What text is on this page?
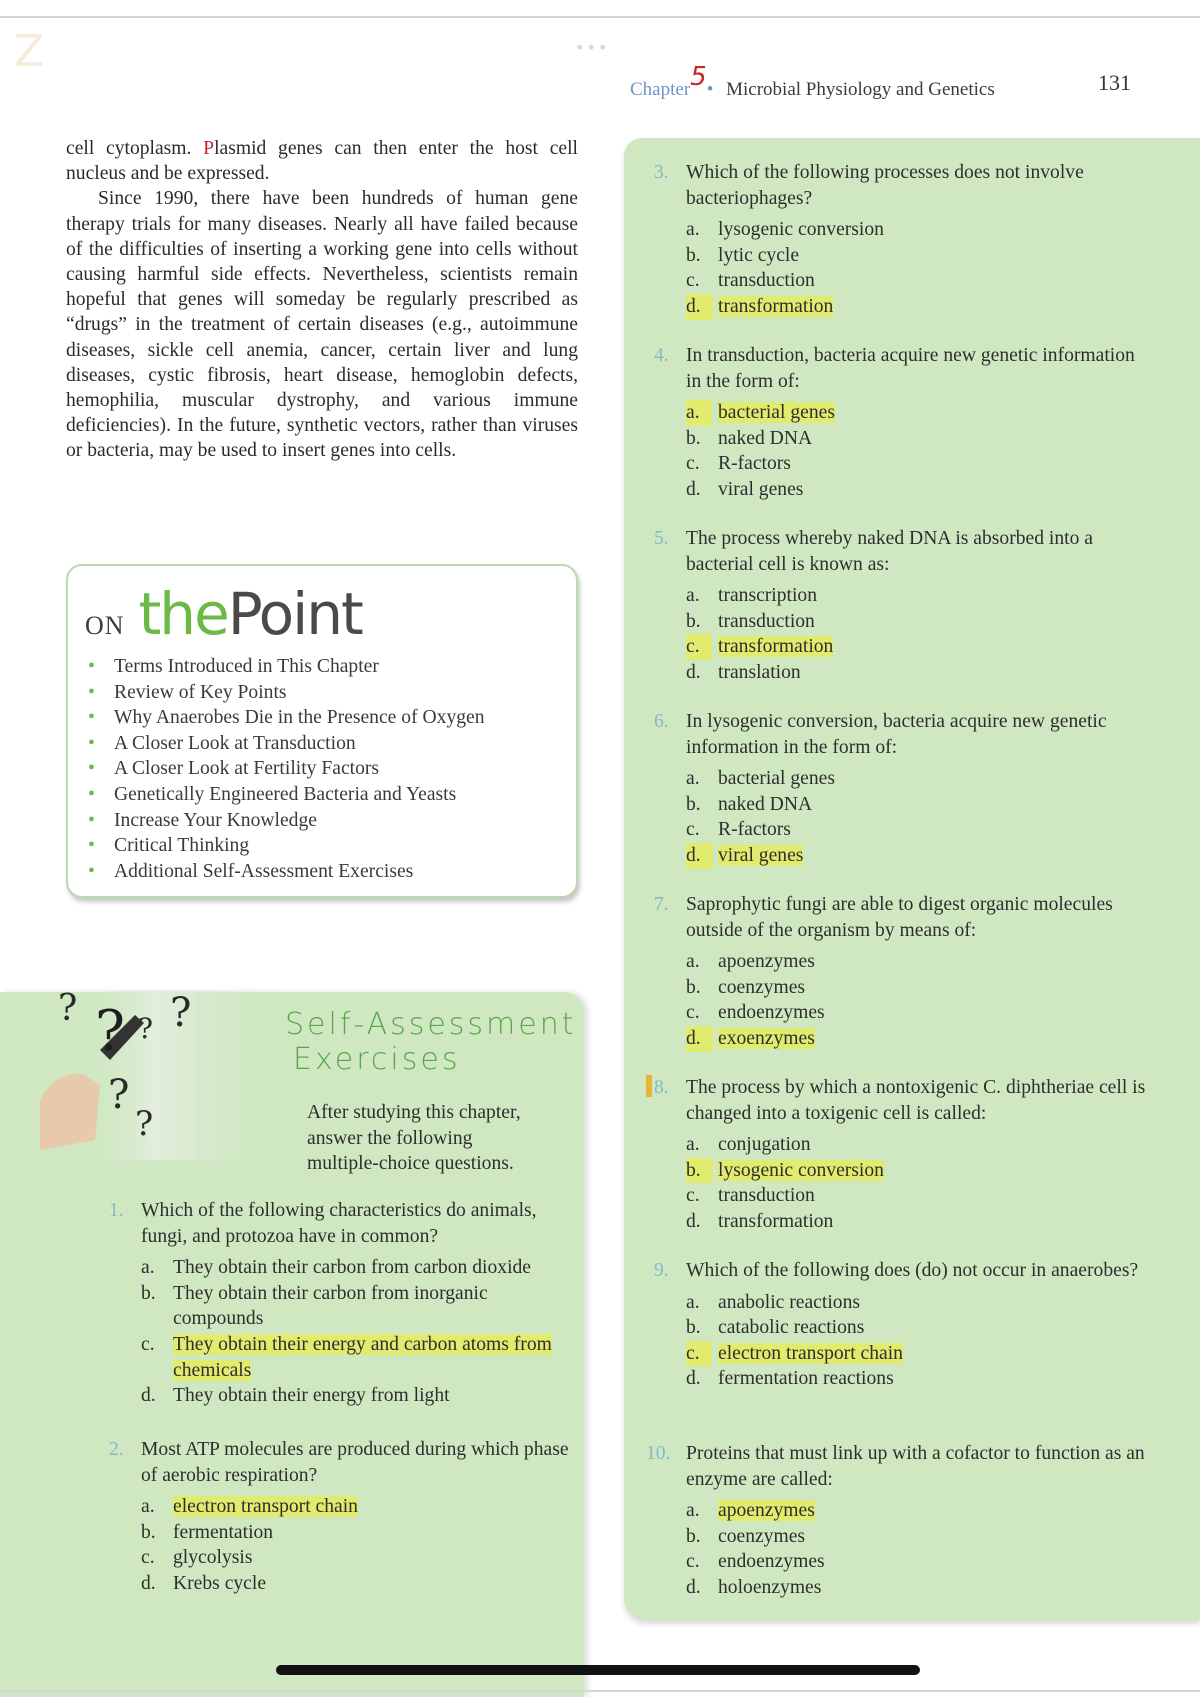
Z	•••
Chapter5• Microbial Physiology and Genetics	131

cell cytoplasm. Plasmid genes can then enter the host cell nucleus and be expressed.

Since 1990, there have been hundreds of human gene therapy trials for many diseases. Nearly all have failed because of the difficulties of inserting a working gene into cells without causing harmful side effects. Nevertheless, scientists remain hopeful that genes will someday be regularly prescribed as “drugs” in the treatment of certain diseases (e.g., autoimmune diseases, sickle cell anemia, cancer, certain liver and lung diseases, cystic fibrosis, heart disease, hemoglobin defects, hemophilia, muscular dystrophy, and various immune deficiencies). In the future, synthetic vectors, rather than viruses or bacteria, may be used to insert genes into cells.

ON thePoint
• Terms Introduced in This Chapter
• Review of Key Points
• Why Anaerobes Die in the Presence of Oxygen
• A Closer Look at Transduction
• A Closer Look at Fertility Factors
• Genetically Engineered Bacteria and Yeasts
• Increase Your Knowledge
• Critical Thinking
• Additional Self-Assessment Exercises
? ? ? ?
?
?
Self-Assessment
Exercises
After studying this chapter,
answer the following
multiple-choice questions.
1. Which of the following characteristics do animals, fungi, and protozoa have in common?

a. They obtain their carbon from carbon dioxide
b. They obtain their carbon from inorganic compounds
c. They obtain their energy and carbon atoms from chemicals
d. They obtain their energy from light
2. Most ATP molecules are produced during which phase of aerobic respiration?

a. electron transport chain
b. fermentation
c. glycolysis
d. Krebs cycle
3. Which of the following processes does not involve bacteriophages?

a. lysogenic conversion
b. lytic cycle
c. transduction
d. transformation
4. In transduction, bacteria acquire new genetic information in the form of:

a. bacterial genes
b. naked DNA
c. R-factors
d. viral genes
5. The process whereby naked DNA is absorbed into a bacterial cell is known as:

a. transcription
b. transduction
c. transformation
d. translation
6. In lysogenic conversion, bacteria acquire new genetic information in the form of:

a. bacterial genes
b. naked DNA
c. R-factors
d. viral genes
7. Saprophytic fungi are able to digest organic molecules outside of the organism by means of:

a. apoenzymes
b. coenzymes
c. endoenzymes
d. exoenzymes
8. The process by which a nontoxigenic C. diphtheriae cell is changed into a toxigenic cell is called:

a. conjugation
b. lysogenic conversion
c. transduction
d. transformation
9. Which of the following does (do) not occur in anaerobes?

a. anabolic reactions
b. catabolic reactions
c. electron transport chain
d. fermentation reactions
10. Proteins that must link up with a cofactor to function as an enzyme are called:

a. apoenzymes
b. coenzymes
c. endoenzymes
d. holoenzymes
